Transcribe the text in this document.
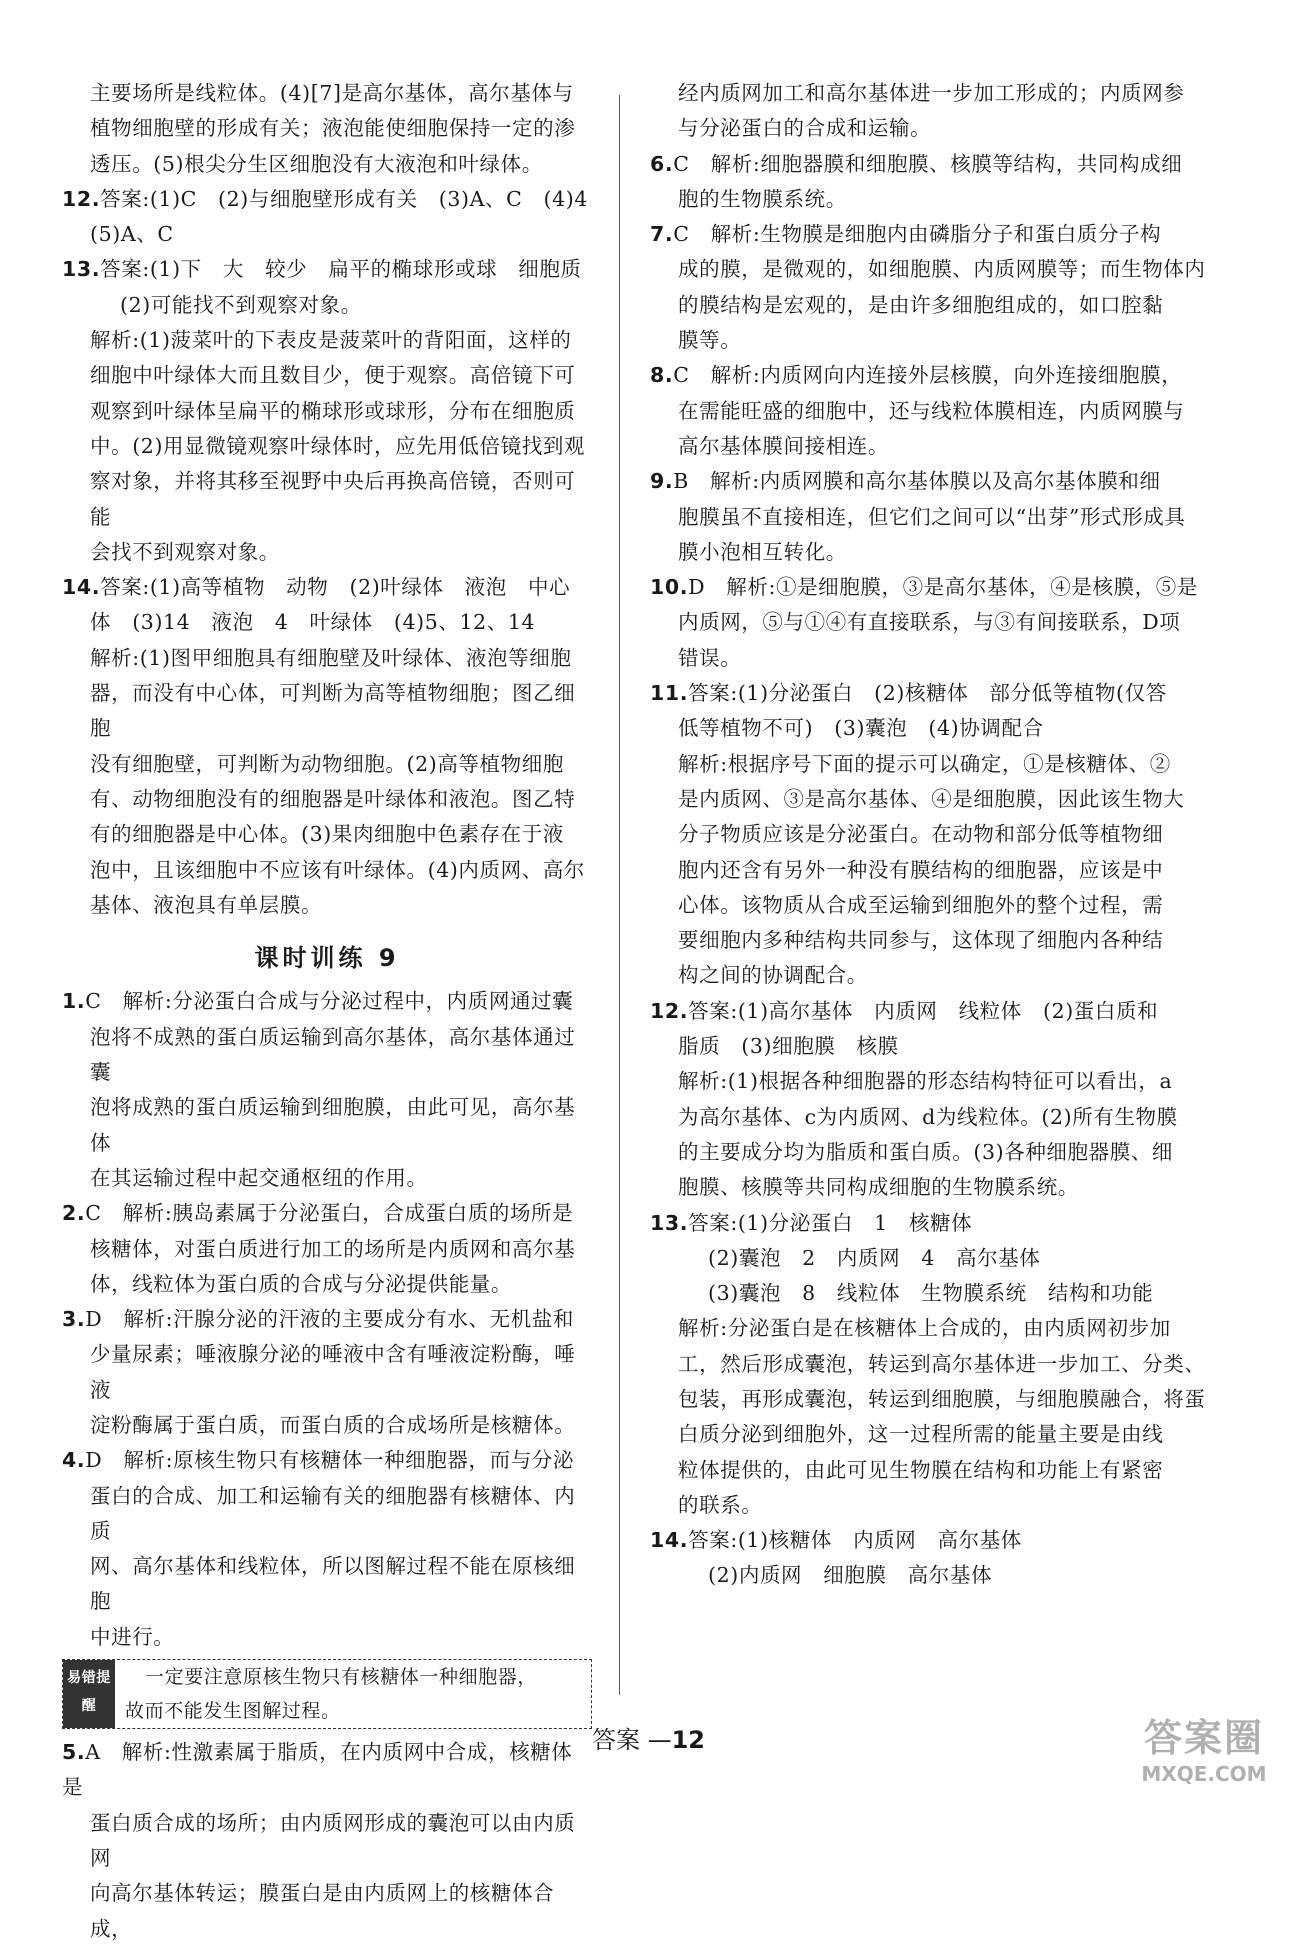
主要场所是线粒体。(4)[7]是高尔基体，高尔基体与

植物细胞壁的形成有关；液泡能使细胞保持一定的渗

透压。(5)根尖分生区细胞没有大液泡和叶绿体。

12.答案:(1)C　(2)与细胞壁形成有关　(3)A、C　(4)4

(5)A、C

13.答案:(1)下　大　较少　扁平的椭球形或球　细胞质

(2)可能找不到观察对象。

解析:(1)菠菜叶的下表皮是菠菜叶的背阳面，这样的

细胞中叶绿体大而且数目少，便于观察。高倍镜下可

观察到叶绿体呈扁平的椭球形或球形，分布在细胞质

中。(2)用显微镜观察叶绿体时，应先用低倍镜找到观

察对象，并将其移至视野中央后再换高倍镜，否则可能

会找不到观察对象。

14.答案:(1)高等植物　动物　(2)叶绿体　液泡　中心

体　(3)14　液泡　4　叶绿体　(4)5、12、14

解析:(1)图甲细胞具有细胞壁及叶绿体、液泡等细胞

器，而没有中心体，可判断为高等植物细胞；图乙细胞

没有细胞壁，可判断为动物细胞。(2)高等植物细胞

有、动物细胞没有的细胞器是叶绿体和液泡。图乙特

有的细胞器是中心体。(3)果肉细胞中色素存在于液

泡中，且该细胞中不应该有叶绿体。(4)内质网、高尔

基体、液泡具有单层膜。

课时训练 9

1.C　解析:分泌蛋白合成与分泌过程中，内质网通过囊

泡将不成熟的蛋白质运输到高尔基体，高尔基体通过囊

泡将成熟的蛋白质运输到细胞膜，由此可见，高尔基体

在其运输过程中起交通枢纽的作用。

2.C　解析:胰岛素属于分泌蛋白，合成蛋白质的场所是

核糖体，对蛋白质进行加工的场所是内质网和高尔基

体，线粒体为蛋白质的合成与分泌提供能量。

3.D　解析:汗腺分泌的汗液的主要成分有水、无机盐和

少量尿素；唾液腺分泌的唾液中含有唾液淀粉酶，唾液

淀粉酶属于蛋白质，而蛋白质的合成场所是核糖体。

4.D　解析:原核生物只有核糖体一种细胞器，而与分泌

蛋白的合成、加工和运输有关的细胞器有核糖体、内质

网、高尔基体和线粒体，所以图解过程不能在原核细胞

中进行。

易错提醒

一定要注意原核生物只有核糖体一种细胞器，

故而不能发生图解过程。

5.A　解析:性激素属于脂质，在内质网中合成，核糖体是

蛋白质合成的场所；由内质网形成的囊泡可以由内质网

向高尔基体转运；膜蛋白是由内质网上的核糖体合成，

经内质网加工和高尔基体进一步加工形成的；内质网参

与分泌蛋白的合成和运输。

6.C　解析:细胞器膜和细胞膜、核膜等结构，共同构成细

胞的生物膜系统。

7.C　解析:生物膜是细胞内由磷脂分子和蛋白质分子构

成的膜，是微观的，如细胞膜、内质网膜等；而生物体内

的膜结构是宏观的，是由许多细胞组成的，如口腔黏

膜等。

8.C　解析:内质网向内连接外层核膜，向外连接细胞膜，

在需能旺盛的细胞中，还与线粒体膜相连，内质网膜与

高尔基体膜间接相连。

9.B　解析:内质网膜和高尔基体膜以及高尔基体膜和细

胞膜虽不直接相连，但它们之间可以“出芽”形式形成具

膜小泡相互转化。

10.D　解析:①是细胞膜，③是高尔基体，④是核膜，⑤是

内质网，⑤与①④有直接联系，与③有间接联系，D项

错误。

11.答案:(1)分泌蛋白　(2)核糖体　部分低等植物(仅答

低等植物不可)　(3)囊泡　(4)协调配合

解析:根据序号下面的提示可以确定，①是核糖体、②

是内质网、③是高尔基体、④是细胞膜，因此该生物大

分子物质应该是分泌蛋白。在动物和部分低等植物细

胞内还含有另外一种没有膜结构的细胞器，应该是中

心体。该物质从合成至运输到细胞外的整个过程，需

要细胞内多种结构共同参与，这体现了细胞内各种结

构之间的协调配合。

12.答案:(1)高尔基体　内质网　线粒体　(2)蛋白质和

脂质　(3)细胞膜　核膜

解析:(1)根据各种细胞器的形态结构特征可以看出，a

为高尔基体、c为内质网、d为线粒体。(2)所有生物膜

的主要成分均为脂质和蛋白质。(3)各种细胞器膜、细

胞膜、核膜等共同构成细胞的生物膜系统。

13.答案:(1)分泌蛋白　1　核糖体

(2)囊泡　2　内质网　4　高尔基体

(3)囊泡　8　线粒体　生物膜系统　结构和功能

解析:分泌蛋白是在核糖体上合成的，由内质网初步加

工，然后形成囊泡，转运到高尔基体进一步加工、分类、

包装，再形成囊泡，转运到细胞膜，与细胞膜融合，将蛋

白质分泌到细胞外，这一过程所需的能量主要是由线

粒体提供的，由此可见生物膜在结构和功能上有紧密

的联系。

14.答案:(1)核糖体　内质网　高尔基体

(2)内质网　细胞膜　高尔基体

答案 —12	答案圈
MXQE.COM
